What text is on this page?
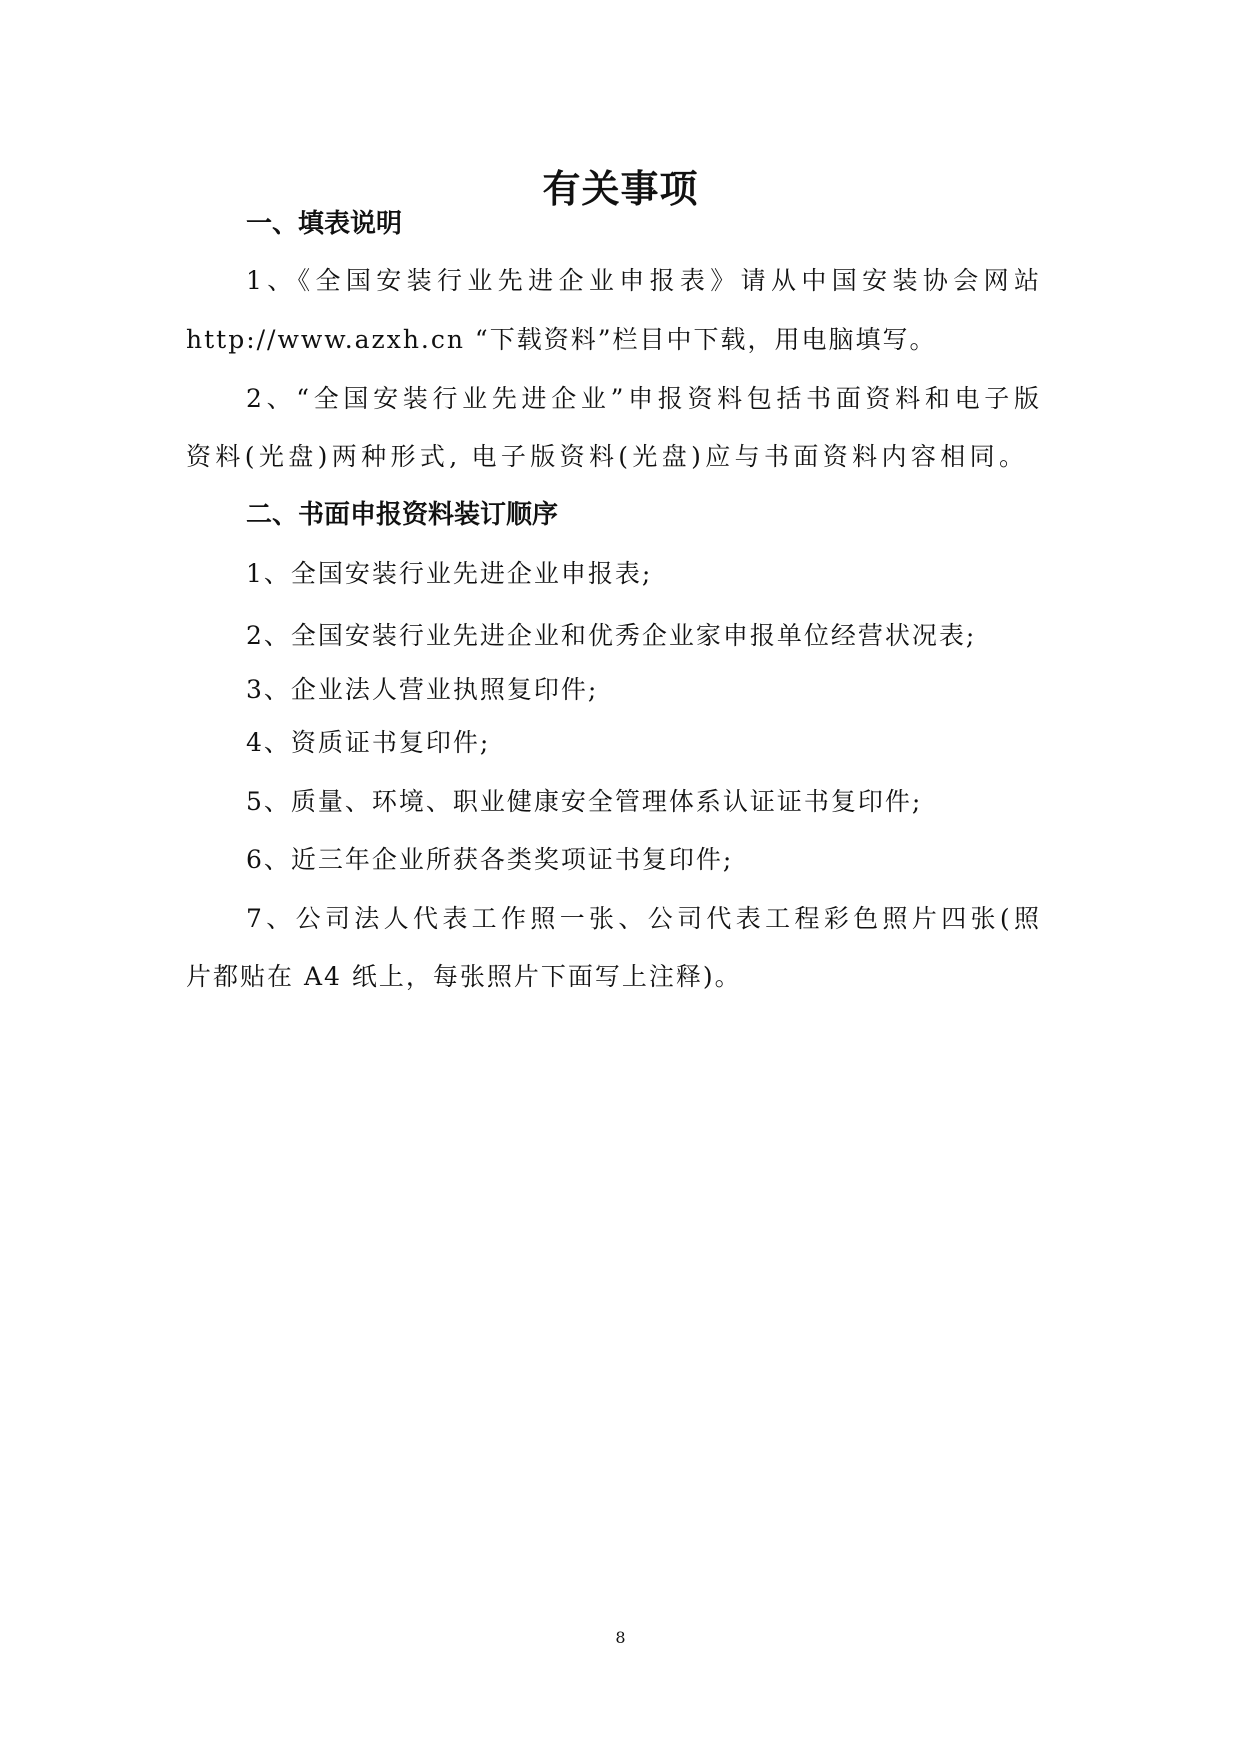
有关事项

一、填表说明

1、《全国安装行业先进企业申报表》请从中国安装协会网站

http://www.azxh.cn “下载资料”栏目中下载，用电脑填写。

2、“全国安装行业先进企业”申报资料包括书面资料和电子版

资料(光盘)两种形式, 电子版资料(光盘)应与书面资料内容相同。

二、书面申报资料装订顺序

1、全国安装行业先进企业申报表;

2、全国安装行业先进企业和优秀企业家申报单位经营状况表;

3、企业法人营业执照复印件;

4、资质证书复印件;

5、质量、环境、职业健康安全管理体系认证证书复印件;

6、近三年企业所获各类奖项证书复印件;

7、公司法人代表工作照一张、公司代表工程彩色照片四张(照

片都贴在 A4 纸上，每张照片下面写上注释)。

8
